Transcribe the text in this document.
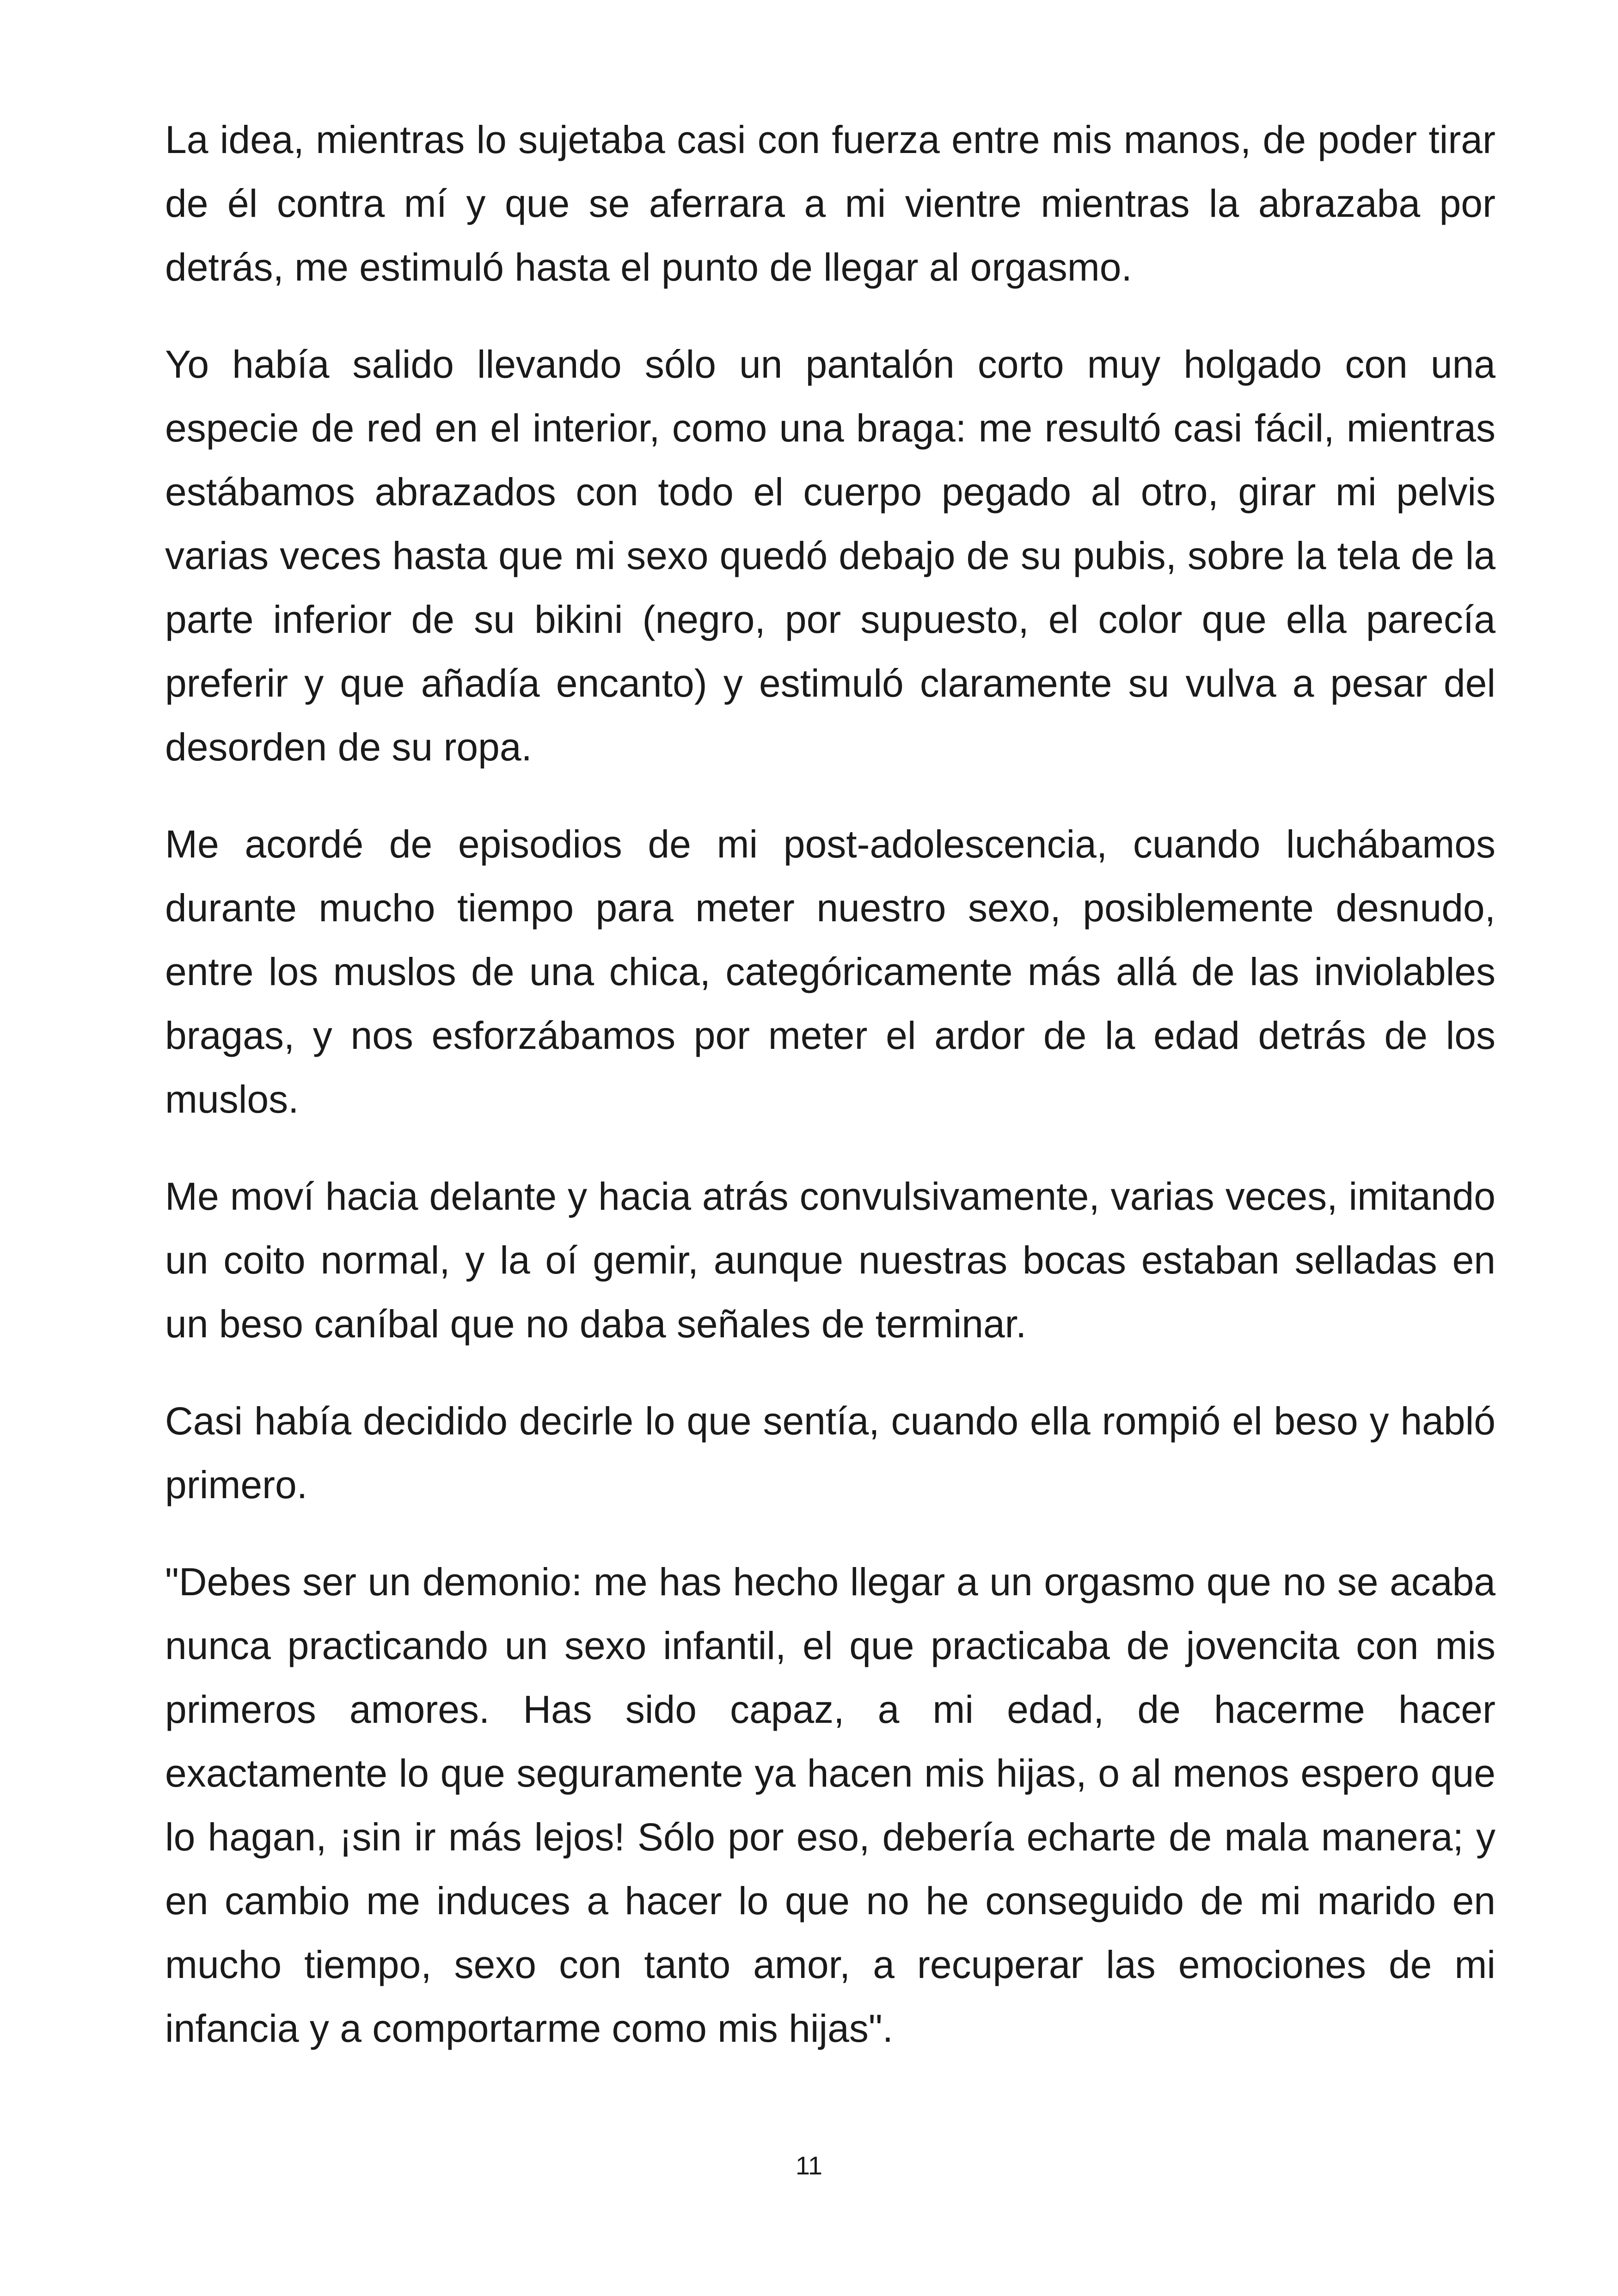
La idea, mientras lo sujetaba casi con fuerza entre mis manos, de poder tirar de él contra mí y que se aferrara a mi vientre mientras la abrazaba por detrás, me estimuló hasta el punto de llegar al orgasmo.

Yo había salido llevando sólo un pantalón corto muy holgado con una especie de red en el interior, como una braga: me resultó casi fácil, mientras estábamos abrazados con todo el cuerpo pegado al otro, girar mi pelvis varias veces hasta que mi sexo quedó debajo de su pubis, sobre la tela de la parte inferior de su bikini (negro, por supuesto, el color que ella parecía preferir y que añadía encanto) y estimuló claramente su vulva a pesar del desorden de su ropa.

Me acordé de episodios de mi post-adolescencia, cuando luchábamos durante mucho tiempo para meter nuestro sexo, posiblemente desnudo, entre los muslos de una chica, categóricamente más allá de las inviolables bragas, y nos esforzábamos por meter el ardor de la edad detrás de los muslos.

Me moví hacia delante y hacia atrás convulsivamente, varias veces, imitando un coito normal, y la oí gemir, aunque nuestras bocas estaban selladas en un beso caníbal que no daba señales de terminar.

Casi había decidido decirle lo que sentía, cuando ella rompió el beso y habló primero.

"Debes ser un demonio: me has hecho llegar a un orgasmo que no se acaba nunca practicando un sexo infantil, el que practicaba de jovencita con mis primeros amores. Has sido capaz, a mi edad, de hacerme hacer exactamente lo que seguramente ya hacen mis hijas, o al menos espero que lo hagan, ¡sin ir más lejos! Sólo por eso, debería echarte de mala manera; y en cambio me induces a hacer lo que no he conseguido de mi marido en mucho tiempo, sexo con tanto amor, a recuperar las emociones de mi infancia y a comportarme como mis hijas".

11
